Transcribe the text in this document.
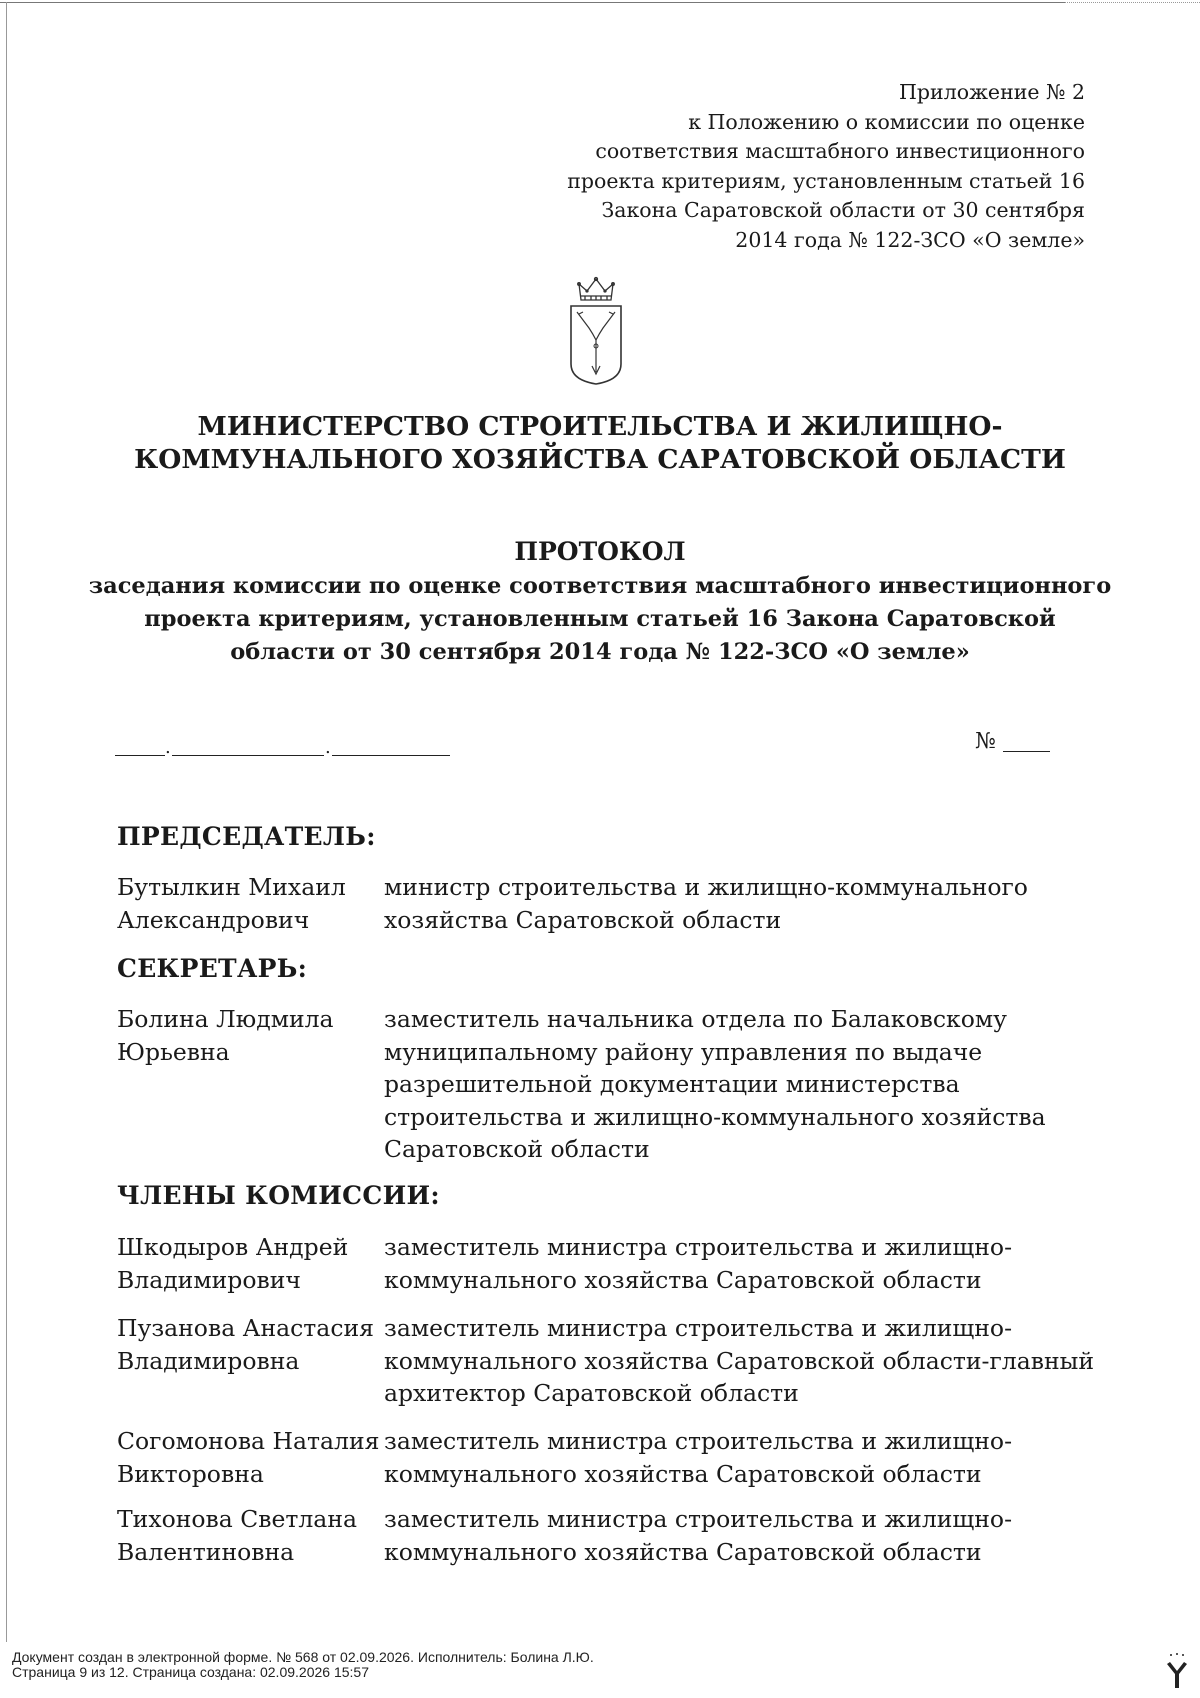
Приложение № 2
к Положению о комиссии по оценке
соответствия масштабного инвестиционного
проекта критериям, установленным статьей 16
Закона Саратовской области от 30 сентября
2014 года № 122-ЗСО «О земле»
МИНИСТЕРСТВО СТРОИТЕЛЬСТВА И ЖИЛИЩНО-
КОММУНАЛЬНОГО ХОЗЯЙСТВА САРАТОВСКОЙ ОБЛАСТИ
ПРОТОКОЛ
заседания комиссии по оценке соответствия масштабного инвестиционного
проекта критериям, установленным статьей 16 Закона Саратовской
области от 30 сентября 2014 года № 122-ЗСО «О земле»
.	.	№
ПРЕДСЕДАТЕЛЬ:
Бутылкин Михаил
Александрович
министр строительства и жилищно-коммунального
хозяйства Саратовской области
СЕКРЕТАРЬ:
Болина Людмила
Юрьевна
заместитель начальника отдела по Балаковскому
муниципальному району управления по выдаче
разрешительной документации министерства
строительства и жилищно-коммунального хозяйства
Саратовской области
ЧЛЕНЫ КОМИССИИ:
Шкодыров Андрей
Владимирович
заместитель министра строительства и жилищно-
коммунального хозяйства Саратовской области
Пузанова Анастасия
Владимировна
заместитель министра строительства и жилищно-
коммунального хозяйства Саратовской области-главный
архитектор Саратовской области
Согомонова Наталия
Викторовна
заместитель министра строительства и жилищно-
коммунального хозяйства Саратовской области
Тихонова Светлана
Валентиновна
заместитель министра строительства и жилищно-
коммунального хозяйства Саратовской области
Документ создан в электронной форме. № 568 от 02.09.2026. Исполнитель: Болина Л.Ю.
Страница 9 из 12. Страница создана: 02.09.2026 15:57
